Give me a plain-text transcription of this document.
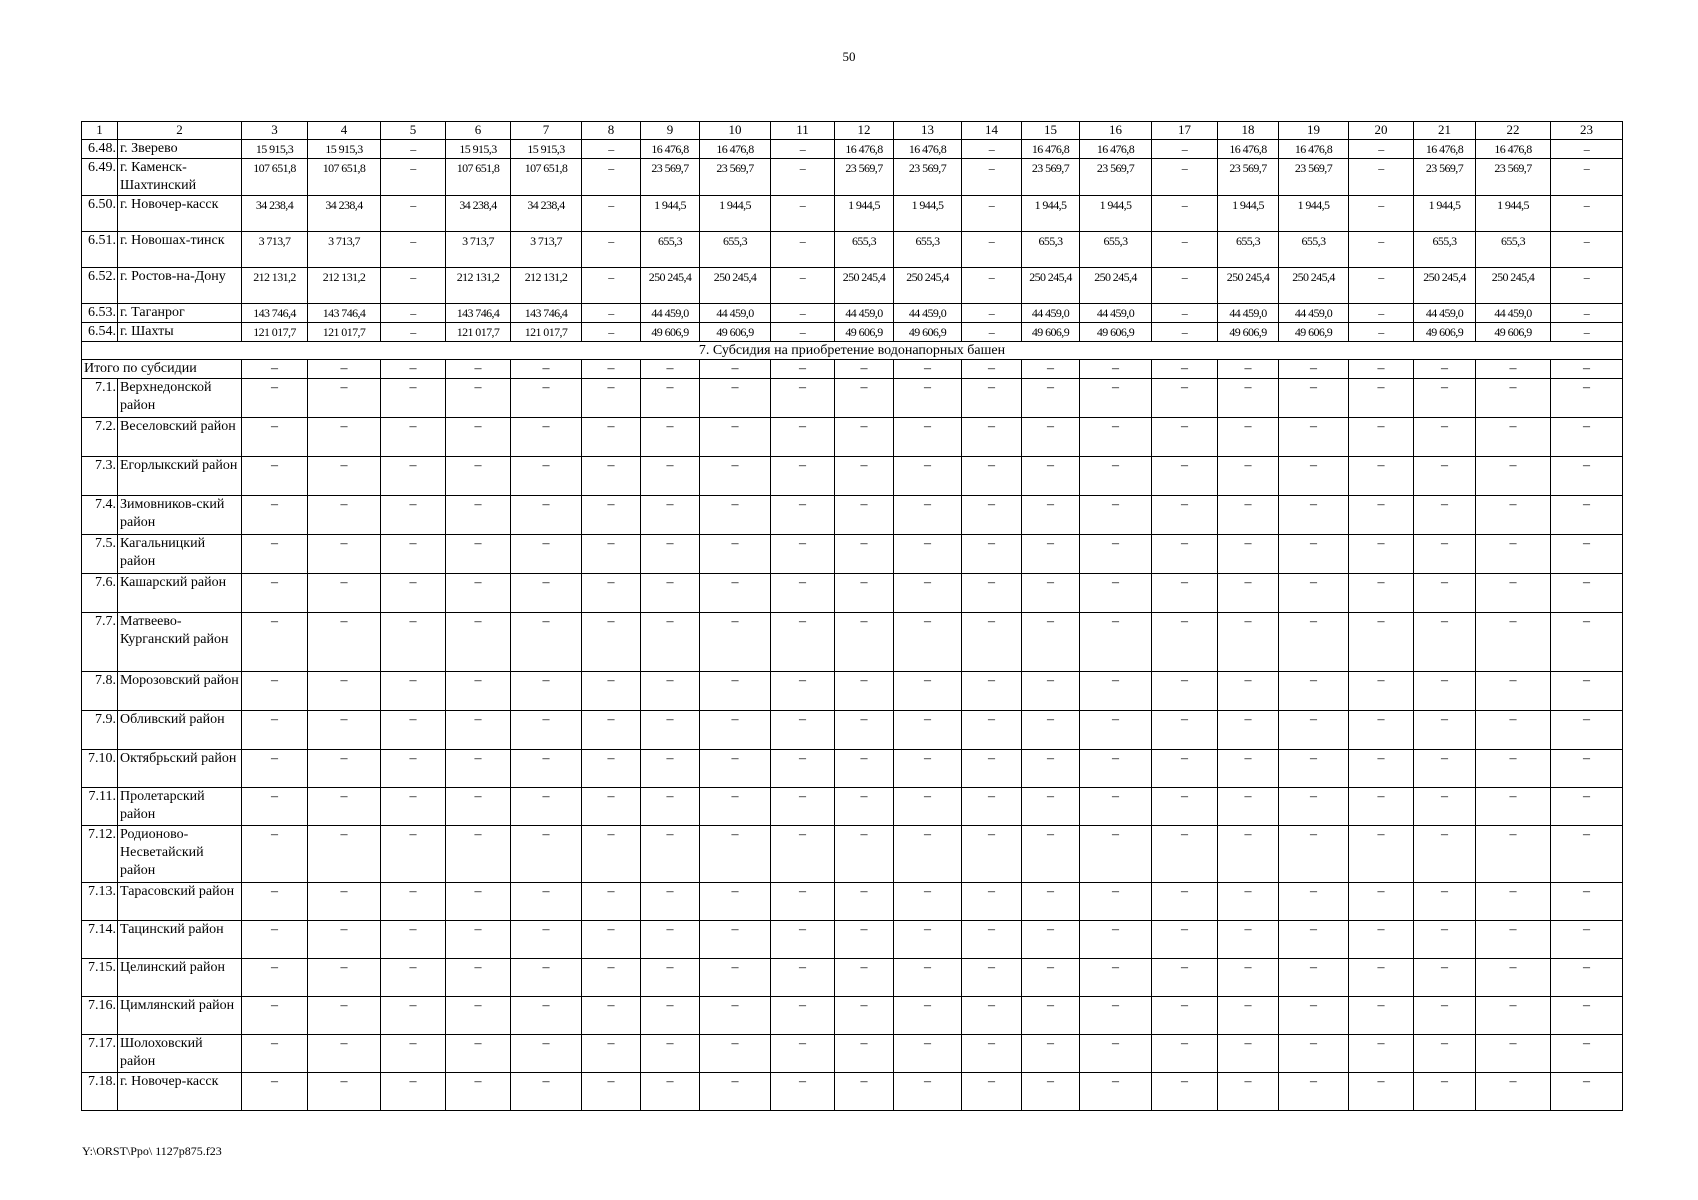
50
1	2	3	4	5	6	7	8	9	10	11	12	13	14	15	16	17	18	19	20	21	22	23
6.48.	г. Зверево	15 915,3	15 915,3	–	15 915,3	15 915,3	–	16 476,8	16 476,8	–	16 476,8	16 476,8	–	16 476,8	16 476,8	–	16 476,8	16 476,8	–	16 476,8	16 476,8	–
6.49.	г. Каменск-Шахтинский	107 651,8	107 651,8	–	107 651,8	107 651,8	–	23 569,7	23 569,7	–	23 569,7	23 569,7	–	23 569,7	23 569,7	–	23 569,7	23 569,7	–	23 569,7	23 569,7	–
6.50.	г. Новочер-касск	34 238,4	34 238,4	–	34 238,4	34 238,4	–	1 944,5	1 944,5	–	1 944,5	1 944,5	–	1 944,5	1 944,5	–	1 944,5	1 944,5	–	1 944,5	1 944,5	–
6.51.	г. Новошах-тинск	3 713,7	3 713,7	–	3 713,7	3 713,7	–	655,3	655,3	–	655,3	655,3	–	655,3	655,3	–	655,3	655,3	–	655,3	655,3	–
6.52.	г. Ростов-на-Дону	212 131,2	212 131,2	–	212 131,2	212 131,2	–	250 245,4	250 245,4	–	250 245,4	250 245,4	–	250 245,4	250 245,4	–	250 245,4	250 245,4	–	250 245,4	250 245,4	–
6.53.	г. Таганрог	143 746,4	143 746,4	–	143 746,4	143 746,4	–	44 459,0	44 459,0	–	44 459,0	44 459,0	–	44 459,0	44 459,0	–	44 459,0	44 459,0	–	44 459,0	44 459,0	–
6.54.	г. Шахты	121 017,7	121 017,7	–	121 017,7	121 017,7	–	49 606,9	49 606,9	–	49 606,9	49 606,9	–	49 606,9	49 606,9	–	49 606,9	49 606,9	–	49 606,9	49 606,9	–
7. Субсидия на приобретение водонапорных башен																						
Итого по субсидии		–	–	–	–	–	–	–	–	–	–	–	–	–	–	–	–	–	–	–	–	–
7.1.	Верхнедонской район	–	–	–	–	–	–	–	–	–	–	–	–	–	–	–	–	–	–	–	–	–
7.2.	Веселовский район	–	–	–	–	–	–	–	–	–	–	–	–	–	–	–	–	–	–	–	–	–
7.3.	Егорлыкский район	–	–	–	–	–	–	–	–	–	–	–	–	–	–	–	–	–	–	–	–	–
7.4.	Зимовников-ский район	–	–	–	–	–	–	–	–	–	–	–	–	–	–	–	–	–	–	–	–	–
7.5.	Кагальницкий район	–	–	–	–	–	–	–	–	–	–	–	–	–	–	–	–	–	–	–	–	–
7.6.	Кашарский район	–	–	–	–	–	–	–	–	–	–	–	–	–	–	–	–	–	–	–	–	–
7.7.	Матвеево-Курганский район	–	–	–	–	–	–	–	–	–	–	–	–	–	–	–	–	–	–	–	–	–
7.8.	Морозовский район	–	–	–	–	–	–	–	–	–	–	–	–	–	–	–	–	–	–	–	–	–
7.9.	Обливский район	–	–	–	–	–	–	–	–	–	–	–	–	–	–	–	–	–	–	–	–	–
7.10.	Октябрьский район	–	–	–	–	–	–	–	–	–	–	–	–	–	–	–	–	–	–	–	–	–
7.11.	Пролетарский район	–	–	–	–	–	–	–	–	–	–	–	–	–	–	–	–	–	–	–	–	–
7.12.	Родионово-Несветайский район	–	–	–	–	–	–	–	–	–	–	–	–	–	–	–	–	–	–	–	–	–
7.13.	Тарасовский район	–	–	–	–	–	–	–	–	–	–	–	–	–	–	–	–	–	–	–	–	–
7.14.	Тацинский район	–	–	–	–	–	–	–	–	–	–	–	–	–	–	–	–	–	–	–	–	–
7.15.	Целинский район	–	–	–	–	–	–	–	–	–	–	–	–	–	–	–	–	–	–	–	–	–
7.16.	Цимлянский район	–	–	–	–	–	–	–	–	–	–	–	–	–	–	–	–	–	–	–	–	–
7.17.	Шолоховский район	–	–	–	–	–	–	–	–	–	–	–	–	–	–	–	–	–	–	–	–	–
7.18.	г. Новочер-касск	–	–	–	–	–	–	–	–	–	–	–	–	–	–	–	–	–	–	–	–	–
Y:\ORST\Ppo\ 1127p875.f23
